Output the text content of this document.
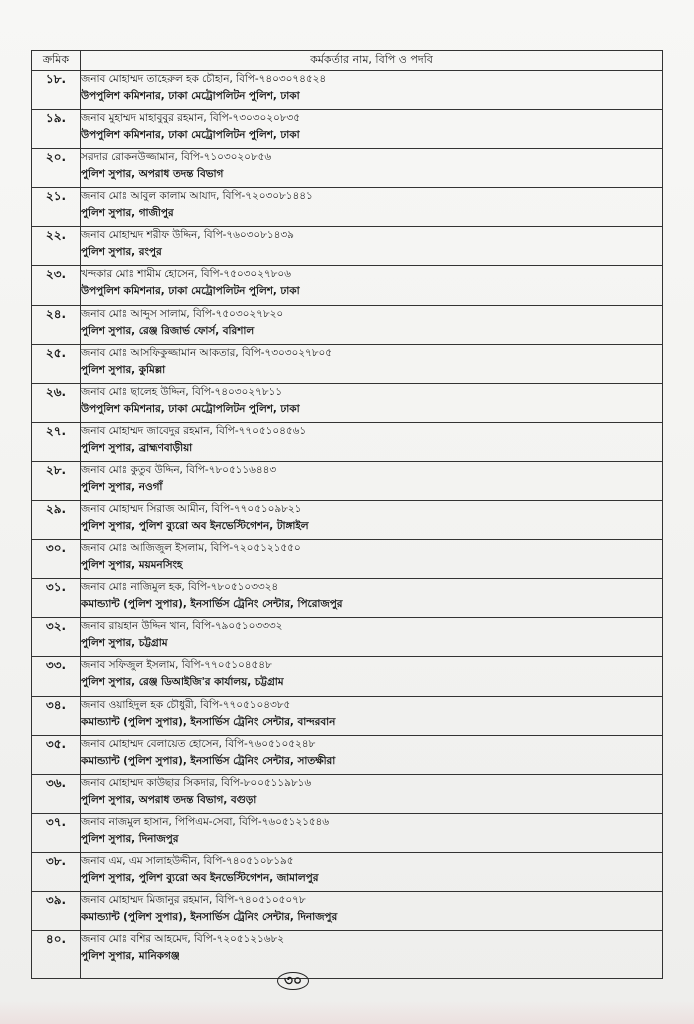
ক্রমিক	কর্মকর্তার নাম, বিপি ও পদবি
১৮.	জনাব মোহাম্মদ তাহেরুল হক চৌহান, বিপি-৭৪০৩০৭৪৫২৪
উপপুলিশ কমিশনার, ঢাকা মেট্রোপলিটন পুলিশ, ঢাকা

১৯.	জনাব মুহাম্মদ মাহাবুবুর রহমান, বিপি-৭৩০৩০২০৮৩৫
উপপুলিশ কমিশনার, ঢাকা মেট্রোপলিটন পুলিশ, ঢাকা

২০.	সরদার রোকনউজ্জামান, বিপি-৭১০৩০২০৮৫৬
পুলিশ সুপার, অপরাধ তদন্ত বিভাগ

২১.	জনাব মোঃ আবুল কালাম আযাদ, বিপি-৭২০৩০৮১৪৪১
পুলিশ সুপার, গাজীপুর

২২.	জনাব মোহাম্মদ শরীফ উদ্দিন, বিপি-৭৬০৩০৮১৪৩৯
পুলিশ সুপার, রংপুর

২৩.	খন্দকার মোঃ শামীম হোসেন, বিপি-৭৫০৩০২৭৮০৬
উপপুলিশ কমিশনার, ঢাকা মেট্রোপলিটন পুলিশ, ঢাকা

২৪.	জনাব মোঃ আব্দুস সালাম, বিপি-৭৫০৩০২৭৮২০
পুলিশ সুপার, রেঞ্জ রিজার্ভ ফোর্স, বরিশাল

২৫.	জনাব মোঃ আসফিকুজ্জামান আকতার, বিপি-৭৩০৩০২৭৮০৫
পুলিশ সুপার, কুমিল্লা

২৬.	জনাব মোঃ ছালেহ উদ্দিন, বিপি-৭৪০৩০২৭৮১১
উপপুলিশ কমিশনার, ঢাকা মেট্রোপলিটন পুলিশ, ঢাকা

২৭.	জনাব মোহাম্মদ জাবেদুর রহমান, বিপি-৭৭০৫১০৪৫৬১
পুলিশ সুপার, ব্রাহ্মণবাড়ীয়া

২৮.	জনাব মোঃ কুতুব উদ্দিন, বিপি-৭৮০৫১১৬৪৪৩
পুলিশ সুপার, নওগাঁ

২৯.	জনাব মোহাম্মদ সিরাজ আমীন, বিপি-৭৭০৫১০৯৮২১
পুলিশ সুপার, পুলিশ ব্যুরো অব ইনভেস্টিগেশন, টাঙ্গাইল

৩০.	জনাব মোঃ আজিজুল ইসলাম, বিপি-৭২০৫১২১৫৫০
পুলিশ সুপার, ময়মনসিংহ

৩১.	জনাব মোঃ নাজিমুল হক, বিপি-৭৮০৫১০৩৩২৪
কমান্ড্যান্ট (পুলিশ সুপার), ইনসার্ভিস ট্রেনিং সেন্টার, পিরোজপুর

৩২.	জনাব রায়হান উদ্দিন খান, বিপি-৭৯০৫১০৩৩৩২
পুলিশ সুপার, চট্টগ্রাম

৩৩.	জনাব সফিজুল ইসলাম, বিপি-৭৭০৫১০৪৫৪৮
পুলিশ সুপার, রেঞ্জ ডিআইজি'র কার্যালয়, চট্টগ্রাম

৩৪.	জনাব ওয়াহিদুল হক চৌধুরী, বিপি-৭৭০৫১০৪৩৮৫
কমান্ড্যান্ট (পুলিশ সুপার), ইনসার্ভিস ট্রেনিং সেন্টার, বান্দরবান

৩৫.	জনাব মোহাম্মদ বেলায়েত হোসেন, বিপি-৭৬০৫১০৫২৪৮
কমান্ড্যান্ট (পুলিশ সুপার), ইনসার্ভিস ট্রেনিং সেন্টার, সাতক্ষীরা

৩৬.	জনাব মোহাম্মদ কাউছার সিকদার, বিপি-৮০০৫১১৯৮১৬
পুলিশ সুপার, অপরাধ তদন্ত বিভাগ, বগুড়া

৩৭.	জনাব নাজমুল হাসান, পিপিএম-সেবা, বিপি-৭৬০৫১২১৫৪৬
পুলিশ সুপার, দিনাজপুর

৩৮.	জনাব এম, এম সালাহউদ্দীন, বিপি-৭৪০৫১০৮১৯৫
পুলিশ সুপার, পুলিশ ব্যুরো অব ইনভেস্টিগেশন, জামালপুর

৩৯.	জনাব মোহাম্মদ মিজানুর রহমান, বিপি-৭৪০৫১০৫০৭৮
কমান্ড্যান্ট (পুলিশ সুপার), ইনসার্ভিস ট্রেনিং সেন্টার, দিনাজপুর

৪০.	জনাব মোঃ বশির আহমেদ, বিপি-৭২০৫১২১৬৮২
পুলিশ সুপার, মানিকগঞ্জ
৩০
